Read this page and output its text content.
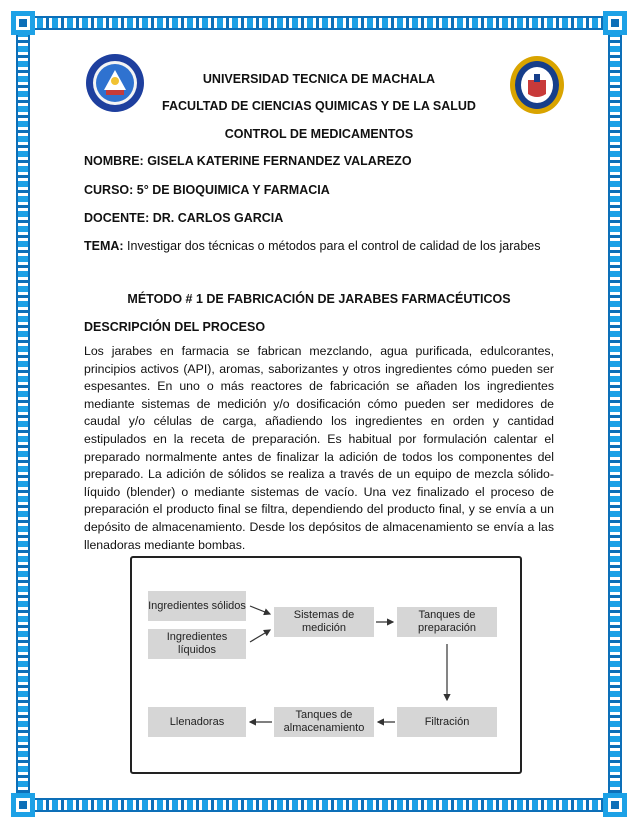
UNIVERSIDAD TECNICA DE MACHALA
FACULTAD DE CIENCIAS QUIMICAS Y DE LA SALUD
CONTROL DE MEDICAMENTOS
NOMBRE: GISELA KATERINE FERNANDEZ VALAREZO
CURSO: 5° DE BIOQUIMICA Y FARMACIA
DOCENTE: DR. CARLOS GARCIA
TEMA: Investigar dos técnicas o métodos para el control de calidad de los jarabes
MÉTODO # 1 DE FABRICACIÓN DE JARABES FARMACÉUTICOS
DESCRIPCIÓN DEL PROCESO
Los jarabes en farmacia se fabrican mezclando, agua purificada, edulcorantes, principios activos (API), aromas, saborizantes y otros ingredientes cómo pueden ser espesantes. En uno o más reactores de fabricación se añaden los ingredientes mediante sistemas de medición y/o dosificación cómo pueden ser medidores de caudal y/o células de carga, añadiendo los ingredientes en orden y cantidad estipulados en la receta de preparación. Es habitual por formulación calentar el preparado normalmente antes de finalizar la adición de todos los componentes del preparado. La adición de sólidos se realiza a través de un equipo de mezcla sólido-líquido (blender) o mediante sistemas de vacío. Una vez finalizado el proceso de preparación el producto final se filtra, dependiendo del producto final, y se envía a un depósito de almacenamiento. Desde los depósitos de almacenamiento se envía a las llenadoras mediante bombas.
Ingredientes sólidos
Ingredientes líquidos
Sistemas de medición
Tanques de preparación
Filtración
Tanques de almacenamiento
Llenadoras
